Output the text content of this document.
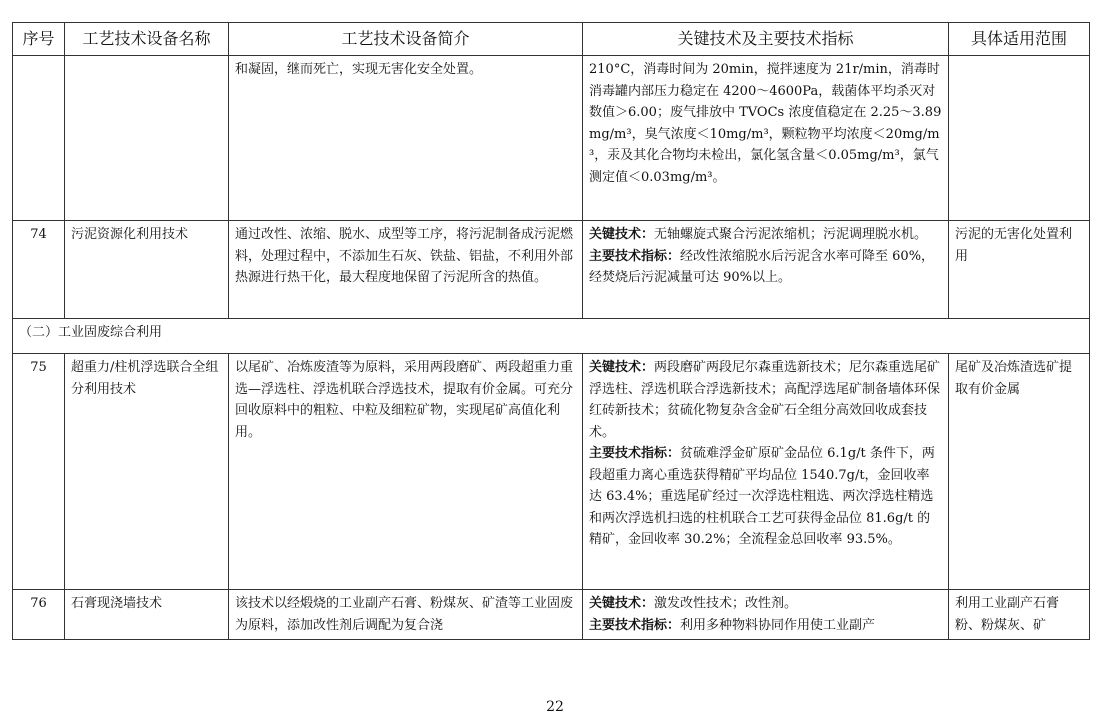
序号	工艺技术设备名称	工艺技术设备简介	关键技术及主要技术指标	具体适用范围
		和凝固，继而死亡，实现无害化安全处置。	210°C，消毒时间为 20min，搅拌速度为 21r/min，消毒时消毒罐内部压力稳定在 4200～4600Pa，载菌体平均杀灭对数值＞6.00；废气排放中 TVOCs 浓度值稳定在 2.25～3.89mg/m³，臭气浓度＜10mg/m³，颗粒物平均浓度＜20mg/m³，汞及其化合物均未检出，氯化氢含量＜0.05mg/m³，氯气测定值＜0.03mg/m³。	
74	污泥资源化利用技术	通过改性、浓缩、脱水、成型等工序，将污泥制备成污泥燃料，处理过程中，不添加生石灰、铁盐、铝盐，不利用外部热源进行热干化，最大程度地保留了污泥所含的热值。	关键技术：无轴螺旋式聚合污泥浓缩机；污泥调理脱水机。
主要技术指标：经改性浓缩脱水后污泥含水率可降至 60%，经焚烧后污泥减量可达 90%以上。	污泥的无害化处置利用
（二）工业固废综合利用				
75	超重力/柱机浮选联合全组分利用技术	以尾矿、冶炼废渣等为原料，采用两段磨矿、两段超重力重选—浮选柱、浮选机联合浮选技术，提取有价金属。可充分回收原料中的粗粒、中粒及细粒矿物，实现尾矿高值化利用。	关键技术：两段磨矿两段尼尔森重选新技术；尼尔森重选尾矿浮选柱、浮选机联合浮选新技术；高配浮选尾矿制备墙体环保红砖新技术；贫硫化物复杂含金矿石全组分高效回收成套技术。
主要技术指标：贫硫难浮金矿原矿金品位 6.1g/t 条件下，两段超重力离心重选获得精矿平均品位 1540.7g/t，金回收率达 63.4%；重选尾矿经过一次浮选柱粗选、两次浮选柱精选和两次浮选机扫选的柱机联合工艺可获得金品位 81.6g/t 的精矿，金回收率 30.2%；全流程金总回收率 93.5%。	尾矿及冶炼渣选矿提取有价金属
76	石膏现浇墙技术	该技术以经煅烧的工业副产石膏、粉煤灰、矿渣等工业固废为原料，添加改性剂后调配为复合浇	关键技术：激发改性技术；改性剂。
主要技术指标：利用多种物料协同作用使工业副产	利用工业副产石膏粉、粉煤灰、矿
22
